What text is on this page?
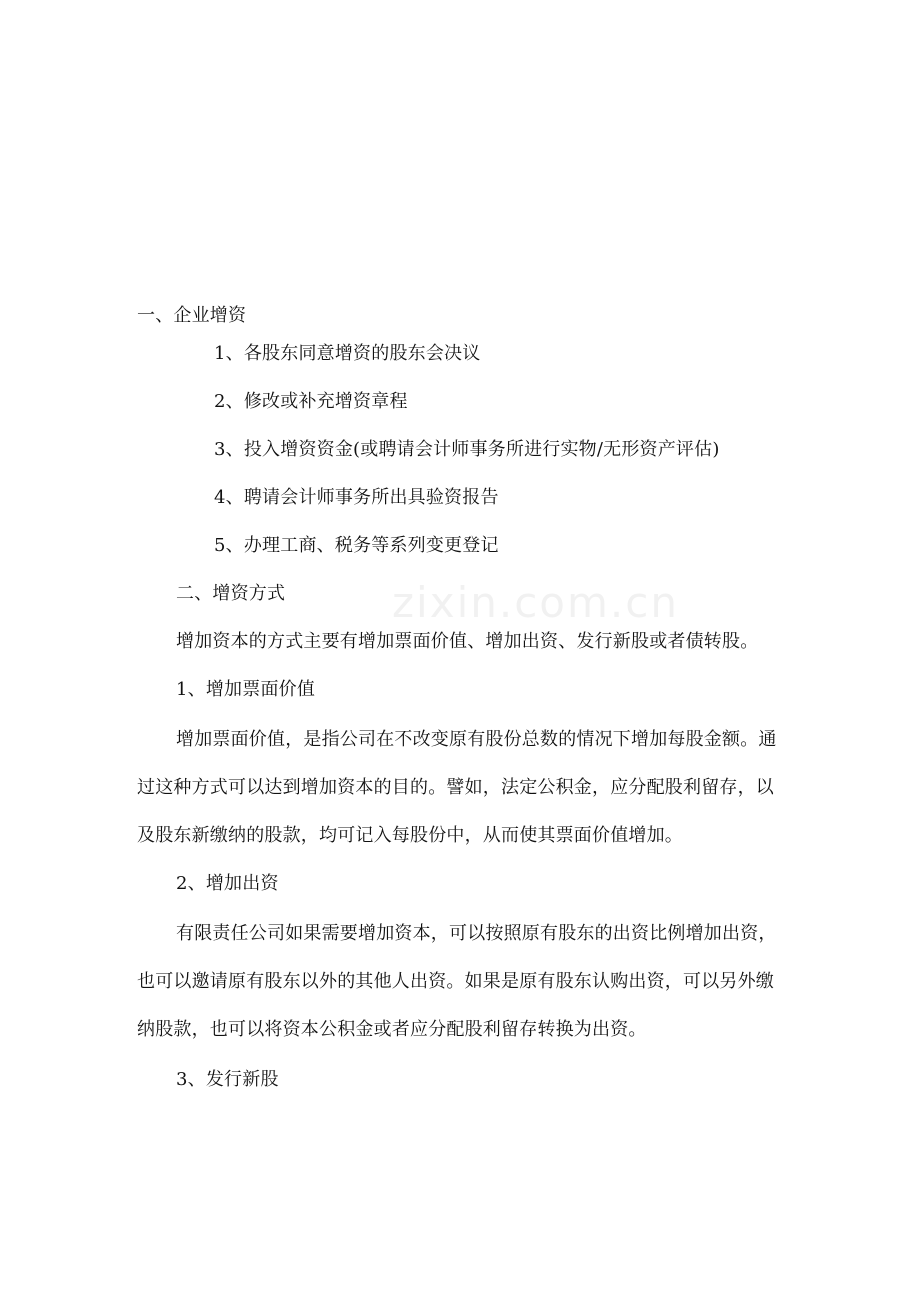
zixin.com.cn
一、企业增资
1、各股东同意增资的股东会决议
2、修改或补充增资章程
3、投入增资资金(或聘请会计师事务所进行实物/无形资产评估)
4、聘请会计师事务所出具验资报告
5、办理工商、税务等系列变更登记
二、增资方式
增加资本的方式主要有增加票面价值、增加出资、发行新股或者债转股。
1、增加票面价值
增加票面价值，是指公司在不改变原有股份总数的情况下增加每股金额。通
过这种方式可以达到增加资本的目的。譬如，法定公积金，应分配股利留存，以
及股东新缴纳的股款，均可记入每股份中，从而使其票面价值增加。
2、增加出资
有限责任公司如果需要增加资本，可以按照原有股东的出资比例增加出资，
也可以邀请原有股东以外的其他人出资。如果是原有股东认购出资，可以另外缴
纳股款，也可以将资本公积金或者应分配股利留存转换为出资。
3、发行新股
